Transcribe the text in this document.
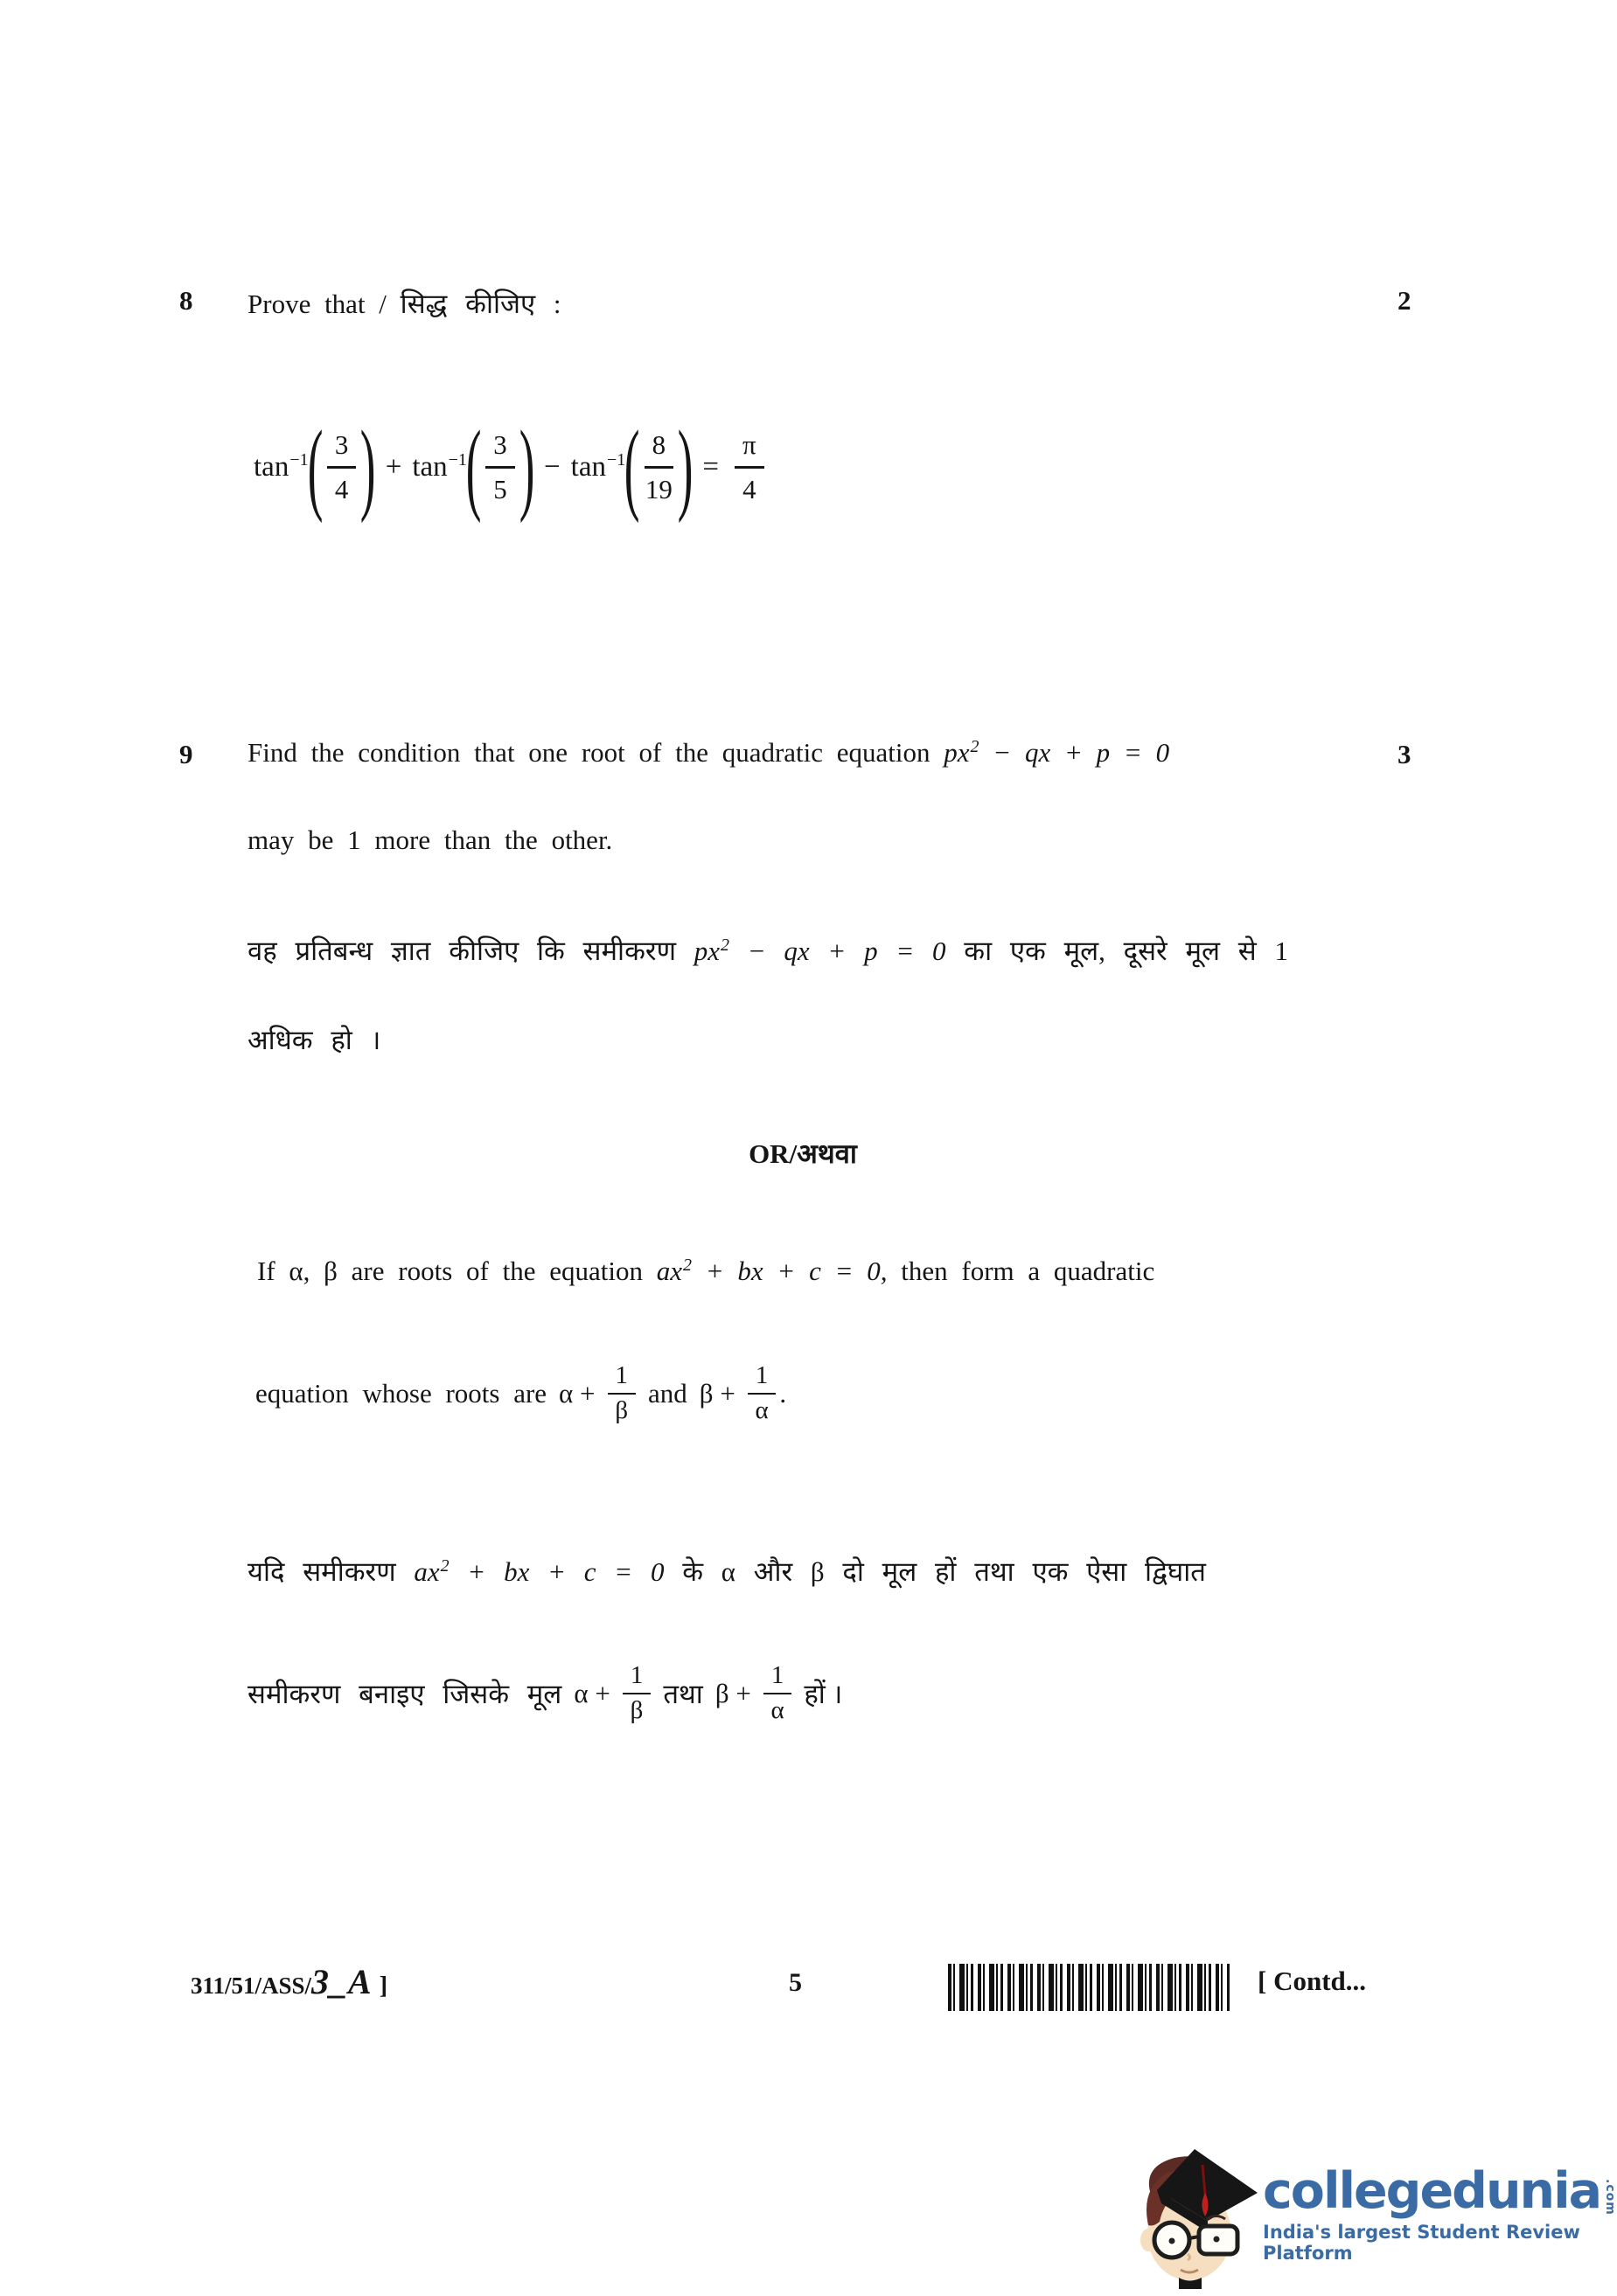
8 Prove that / सिद्ध कीजिए :	2
$\tan^{-1}$
( 3
4 ) + $\tan^{-1}$
( 3
5 ) − $\tan^{-1}$
( 8
19 ) = $\frac{\pi}{4}$
9 Find the condition that one root of the quadratic equation $px^2$ − qx + p = 0	3
may be 1 more than the other.
वह प्रतिबन्ध ज्ञात कीजिए कि समीकरण $px^2$ − qx + p = 0 का एक मूल, दूसरे मूल से 1
अधिक हो ।
OR/अथवा
If α, β are roots of the equation $ax^2$ + bx + c = 0, then form a quadratic
equation whose roots are $\alpha + \frac{1}{\beta}$ and $\beta + \frac{1}{\alpha}$ .
यदि समीकरण $ax^2$ + bx + c = 0 के α और β दो मूल हों तथा एक ऐसा द्विघात
समीकरण बनाइए जिसके मूल $\alpha + \frac{1}{\beta}$ तथा $\beta + \frac{1}{\alpha}$ हों ।
311/51/ASS/3_A ]	5	[ Contd...
collegedunia .com
India's largest Student Review Platform
